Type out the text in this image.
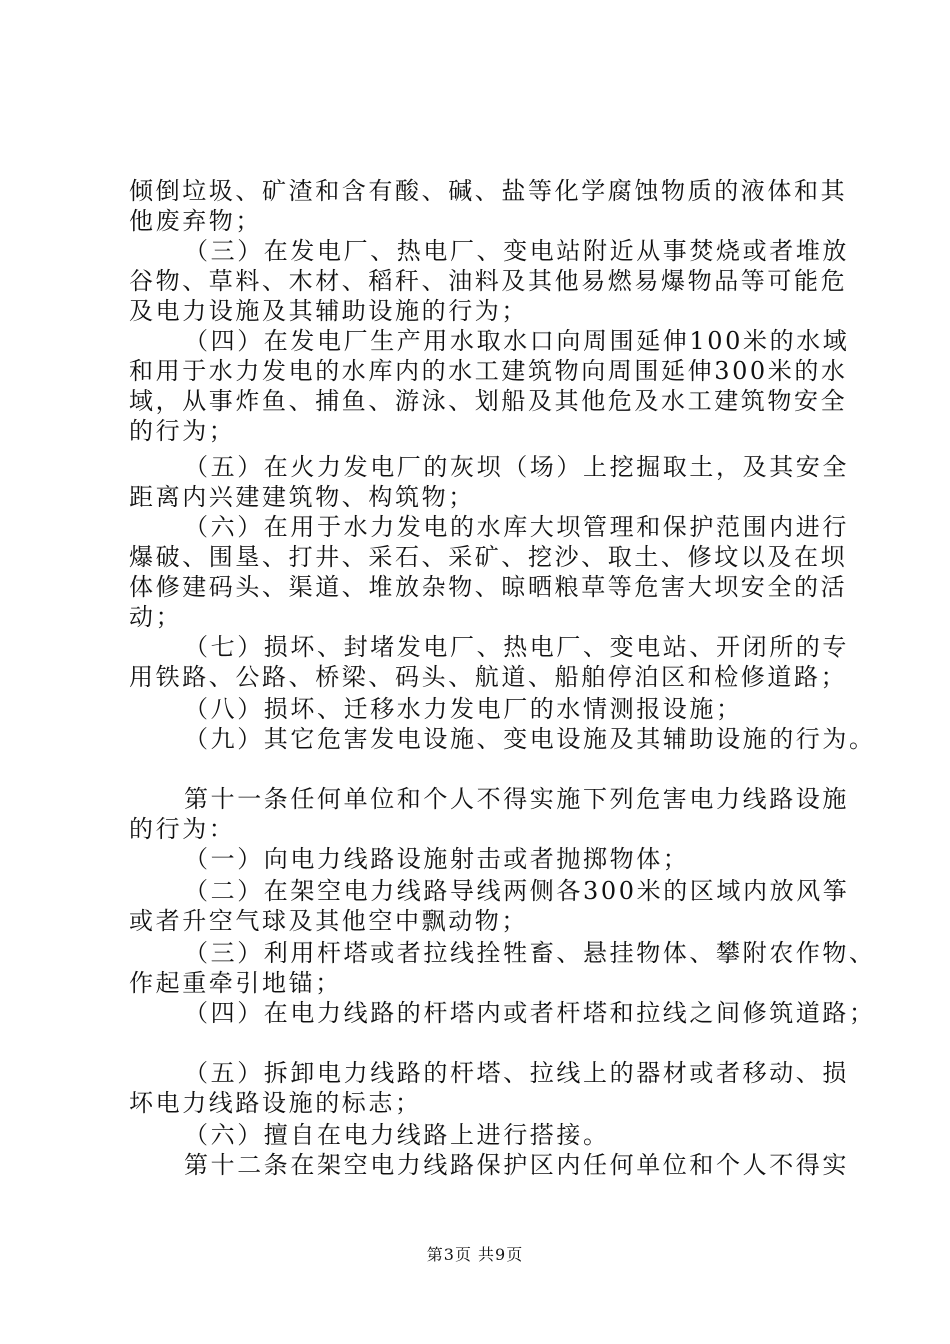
倾倒垃圾、矿渣和含有酸、碱、盐等化学腐蚀物质的液体和其
他废弃物；
（三）在发电厂、热电厂、变电站附近从事焚烧或者堆放
谷物、草料、木材、稻秆、油料及其他易燃易爆物品等可能危
及电力设施及其辅助设施的行为；
（四）在发电厂生产用水取水口向周围延伸100米的水域
和用于水力发电的水库内的水工建筑物向周围延伸300米的水
域，从事炸鱼、捕鱼、游泳、划船及其他危及水工建筑物安全
的行为；
（五）在火力发电厂的灰坝（场）上挖掘取土，及其安全
距离内兴建建筑物、构筑物；
（六）在用于水力发电的水库大坝管理和保护范围内进行
爆破、围垦、打井、采石、采矿、挖沙、取土、修坟以及在坝
体修建码头、渠道、堆放杂物、晾晒粮草等危害大坝安全的活
动；
（七）损坏、封堵发电厂、热电厂、变电站、开闭所的专
用铁路、公路、桥梁、码头、航道、船舶停泊区和检修道路；
（八）损坏、迁移水力发电厂的水情测报设施；
（九）其它危害发电设施、变电设施及其辅助设施的行为。
第十一条任何单位和个人不得实施下列危害电力线路设施
的行为：
（一）向电力线路设施射击或者抛掷物体；
（二）在架空电力线路导线两侧各300米的区域内放风筝
或者升空气球及其他空中飘动物；
（三）利用杆塔或者拉线拴牲畜、悬挂物体、攀附农作物、
作起重牵引地锚；
（四）在电力线路的杆塔内或者杆塔和拉线之间修筑道路；
（五）拆卸电力线路的杆塔、拉线上的器材或者移动、损
坏电力线路设施的标志；
（六）擅自在电力线路上进行搭接。
第十二条在架空电力线路保护区内任何单位和个人不得实
第3页 共9页
